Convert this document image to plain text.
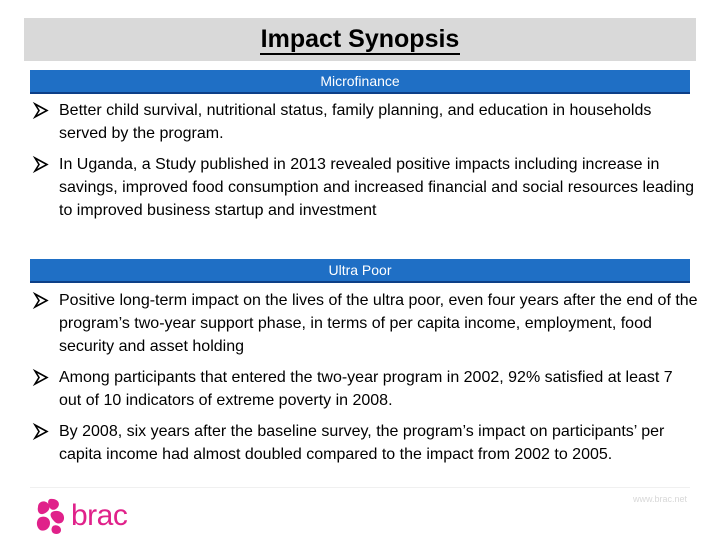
Impact Synopsis
Microfinance
Better child survival, nutritional status, family planning, and education in households served by the program.
In Uganda, a Study published in 2013 revealed positive impacts including increase in savings, improved food consumption and increased financial and social resources leading to improved business startup and investment
Ultra Poor
Positive long-term impact on the lives of the ultra poor, even four years after the end of the program’s two-year support phase, in terms of per capita income, employment, food security and asset holding
Among participants that entered the two-year program in 2002, 92% satisfied at least 7 out of 10 indicators of extreme poverty in 2008.
By 2008, six years after the baseline survey, the program’s impact on participants’ per capita income had almost doubled compared to the impact from 2002 to 2005.
www.brac.net
brac
